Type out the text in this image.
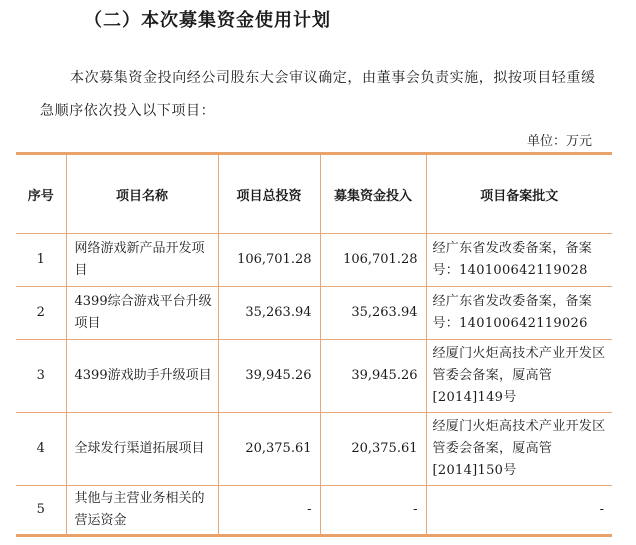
（二）本次募集资金使用计划
本次募集资金投向经公司股东大会审议确定，由董事会负责实施，拟按项目轻重缓急顺序依次投入以下项目：
单位：万元
序号	项目名称	项目总投资	募集资金投入	项目备案批文
1	网络游戏新产品开发项目	106,701.28	106,701.28	经广东省发改委备案，备案号：140100642119028
2	4399综合游戏平台升级项目	35,263.94	35,263.94	经广东省发改委备案，备案号：140100642119026
3	4399游戏助手升级项目	39,945.26	39,945.26	经厦门火炬高技术产业开发区管委会备案，厦高管[2014]149号
4	全球发行渠道拓展项目	20,375.61	20,375.61	经厦门火炬高技术产业开发区管委会备案，厦高管[2014]150号
5	其他与主营业务相关的营运资金	-	-	-
